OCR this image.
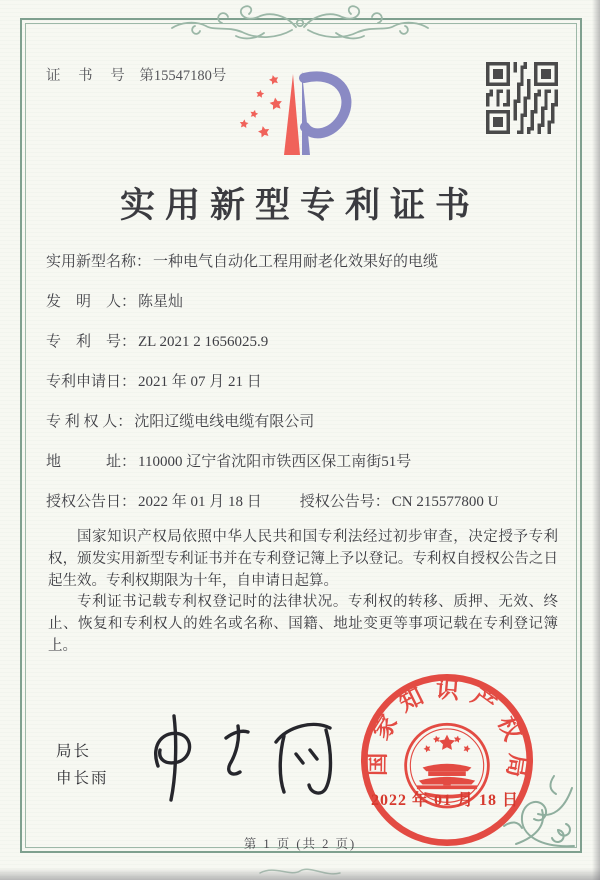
证 书 号 第15547180号
实用新型专利证书
实用新型名称： 一种电气自动化工程用耐老化效果好的电缆
发　明　人： 陈星灿
专　利　号： ZL 2021 2 1656025.9
专利申请日： 2021 年 07 月 21 日
专 利 权 人： 沈阳辽缆电线电缆有限公司
地　　　址： 110000 辽宁省沈阳市铁西区保工南街51号
授权公告日： 2022 年 01 月 18 日	授权公告号： CN 215577800 U

国家知识产权局依照中华人民共和国专利法经过初步审查，决定授予专利权，颁发实用新型专利证书并在专利登记簿上予以登记。专利权自授权公告之日起生效。专利权期限为十年，自申请日起算。

专利证书记载专利权登记时的法律状况。专利权的转移、质押、无效、终止、恢复和专利权人的姓名或名称、国籍、地址变更等事项记载在专利登记簿上。

局长
申长雨
国家知识产权局
2022 年 01 月 18 日
第 1 页 (共 2 页)
